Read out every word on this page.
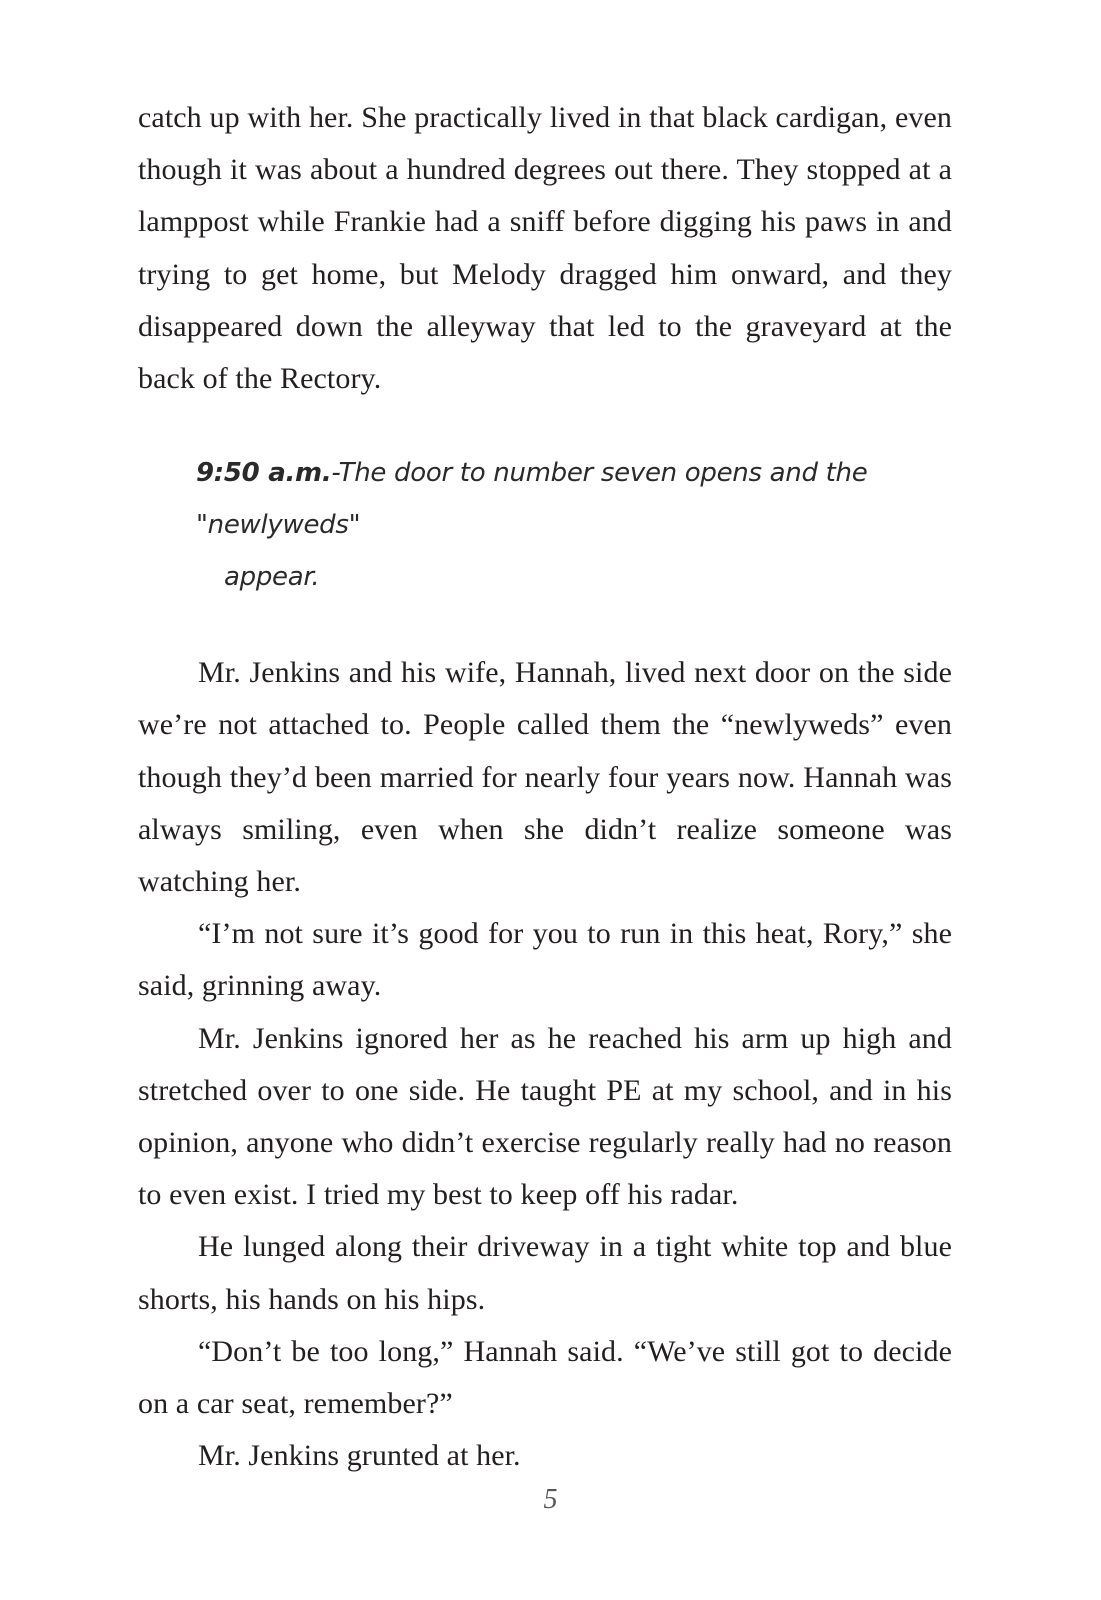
catch up with her. She practically lived in that black cardigan, even though it was about a hundred degrees out there. They stopped at a lamppost while Frankie had a sniff before digging his paws in and trying to get home, but Melody dragged him onward, and they disappeared down the alleyway that led to the graveyard at the back of the Rectory.

9:50 a.m.-The door to number seven opens and the "newlyweds"
appear.

Mr. Jenkins and his wife, Hannah, lived next door on the side we’re not attached to. People called them the “newlyweds” even though they’d been married for nearly four years now. Hannah was always smiling, even when she didn’t realize someone was watching her.

“I’m not sure it’s good for you to run in this heat, Rory,” she said, grinning away.

Mr. Jenkins ignored her as he reached his arm up high and stretched over to one side. He taught PE at my school, and in his opinion, anyone who didn’t exercise regularly really had no reason to even exist. I tried my best to keep off his radar.

He lunged along their driveway in a tight white top and blue shorts, his hands on his hips.

“Don’t be too long,” Hannah said. “We’ve still got to decide on a car seat, remember?”

Mr. Jenkins grunted at her.

5
